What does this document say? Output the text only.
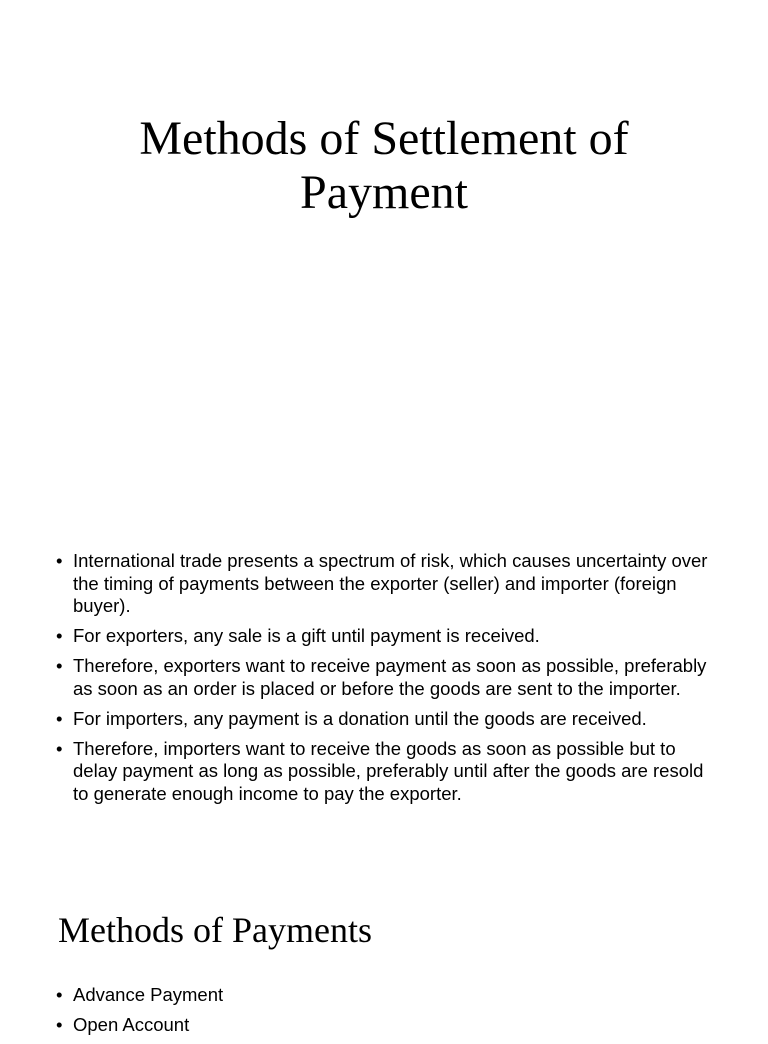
Methods of Settlement of
Payment
• International trade presents a spectrum of risk, which causes uncertainty over the timing of payments between the exporter (seller) and importer (foreign buyer).
• For exporters, any sale is a gift until payment is received.
• Therefore, exporters want to receive payment as soon as possible, preferably as soon as an order is placed or before the goods are sent to the importer.
• For importers, any payment is a donation until the goods are received.
• Therefore, importers want to receive the goods as soon as possible but to delay payment as long as possible, preferably until after the goods are resold to generate enough income to pay the exporter.
Methods of Payments
• Advance Payment
• Open Account
